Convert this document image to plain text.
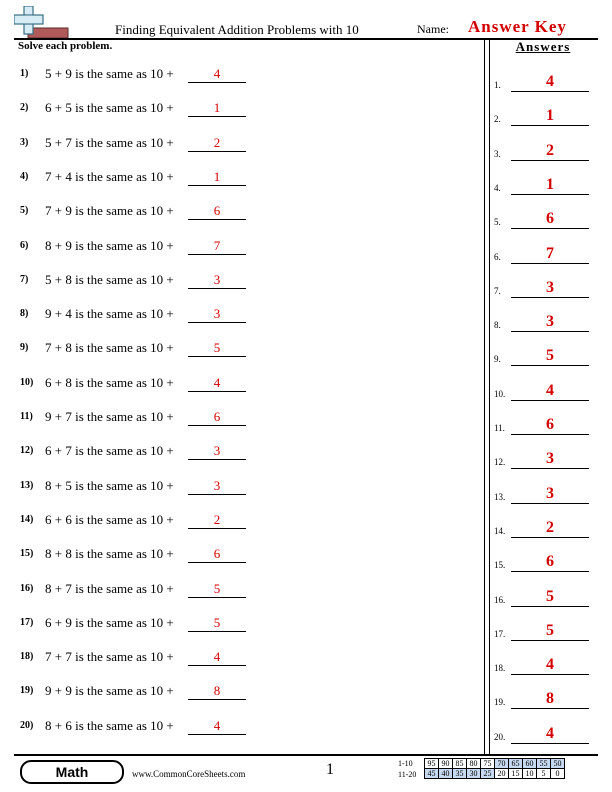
Finding Equivalent Addition Problems with 10	Name: Answer Key
Solve each problem.	Answers
1)	5 + 9 is the same as 10 +	4
2)	6 + 5 is the same as 10 +	1
3)	5 + 7 is the same as 10 +	2
4)	7 + 4 is the same as 10 +	1
5)	7 + 9 is the same as 10 +	6
6)	8 + 9 is the same as 10 +	7
7)	5 + 8 is the same as 10 +	3
8)	9 + 4 is the same as 10 +	3
9)	7 + 8 is the same as 10 +	5
10) 6 + 8 is the same as 10 +	4
11) 9 + 7 is the same as 10 +	6
12) 6 + 7 is the same as 10 +	3
13) 8 + 5 is the same as 10 +	3
14) 6 + 6 is the same as 10 +	2
15) 8 + 8 is the same as 10 +	6
16) 8 + 7 is the same as 10 +	5
17) 6 + 9 is the same as 10 +	5
18) 7 + 7 is the same as 10 +	4
19) 9 + 9 is the same as 10 +	8
20) 8 + 6 is the same as 10 +	4
1.	4
2.	1
3.	2
4.	1
5.	6
6.	7
7.	3
8.	3
9.	5
10.	4
11.	6
12.	3
13.	3
14.	2
15.	6
16.	5
17.	5
18.	4
19.	8
20.	4
Math	www.CommonCoreSheets.com	1	1-10
11-20
95	90	85	80	75	70	65	60	55	50
45	40	35	30	25	20	15	10	5	0
